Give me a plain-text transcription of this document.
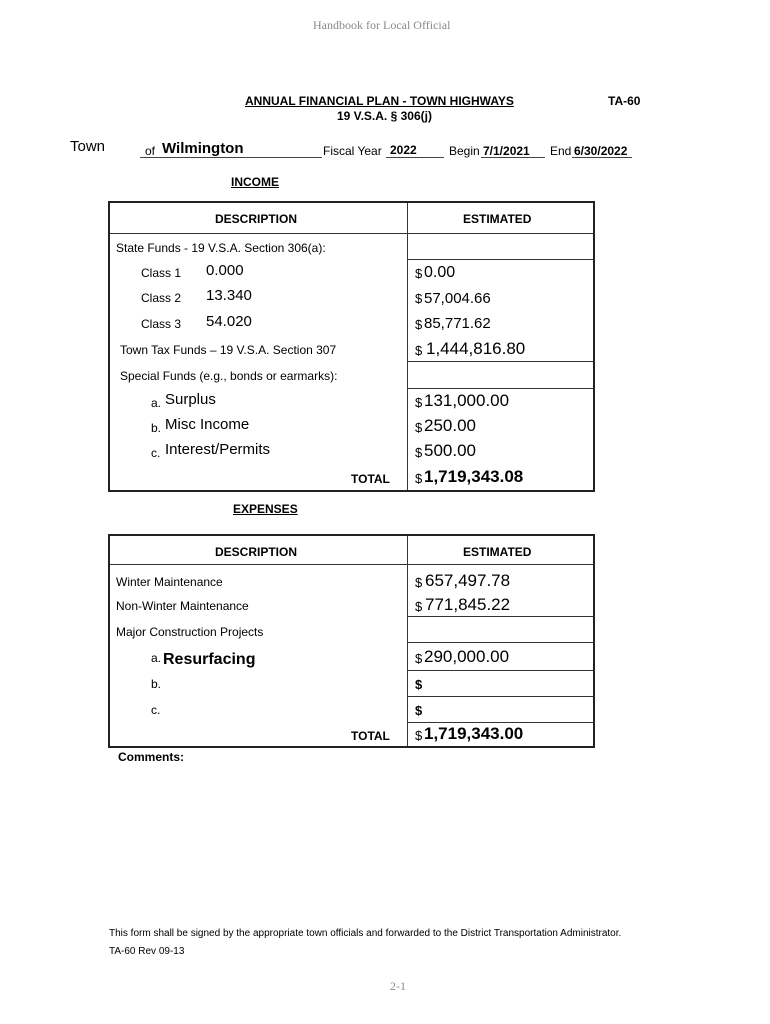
Handbook for Local Official
ANNUAL FINANCIAL PLAN - TOWN HIGHWAYS
19 V.S.A. § 306(j)
TA-60
Town	of Wilmington	Fiscal Year 2022	Begin 7/1/2021 End 6/30/2022
INCOME
DESCRIPTION	ESTIMATED
State Funds - 19 V.S.A. Section 306(a):
Class 1 0.000	$ 0.00
Class 2 13.340	$ 57,004.66
Class 3 54.020	$ 85,771.62
Town Tax Funds – 19 V.S.A. Section 307	$ 1,444,816.80
Special Funds (e.g., bonds or earmarks):
a. Surplus	$ 131,000.00
b. Misc Income	$ 250.00
c. Interest/Permits	$ 500.00
TOTAL $ 1,719,343.08
EXPENSES
DESCRIPTION	ESTIMATED
Winter Maintenance	$ 657,497.78
Non-Winter Maintenance	$ 771,845.22
Major Construction Projects
a. Resurfacing	$ 290,000.00
b.	$
c.	$
TOTAL $ 1,719,343.00
Comments:
This form shall be signed by the appropriate town officials and forwarded to the District Transportation Administrator.
TA-60 Rev 09-13
2-1
